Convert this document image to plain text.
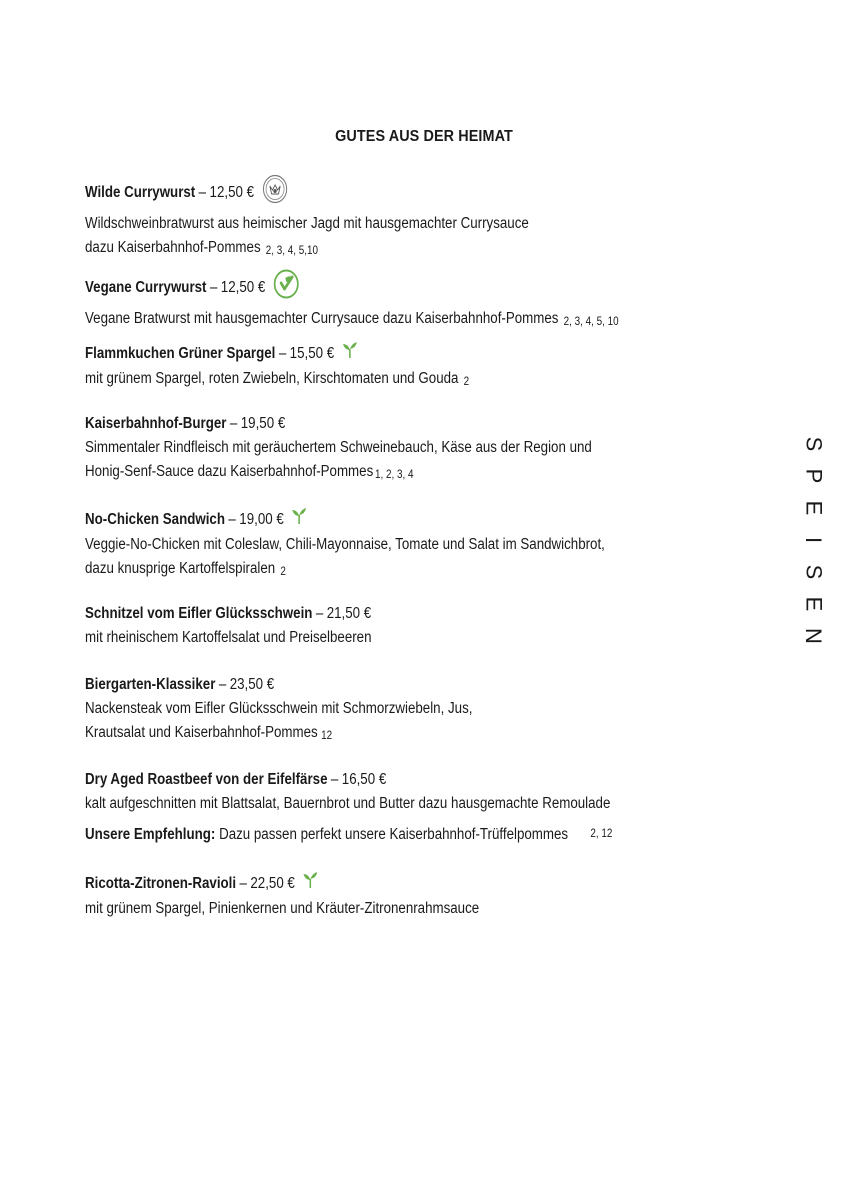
GUTES AUS DER HEIMAT
Wilde Currywurst – 12,50 €
Wildschweinbratwurst aus heimischer Jagd mit hausgemachter Currysauce
dazu Kaiserbahnhof-Pommes 2, 3, 4, 5,10
Vegane Currywurst – 12,50 €
Vegane Bratwurst mit hausgemachter Currysauce dazu Kaiserbahnhof-Pommes 2, 3, 4, 5, 10
Flammkuchen Grüner Spargel – 15,50 €
mit grünem Spargel, roten Zwiebeln, Kirschtomaten und Gouda 2
Kaiserbahnhof-Burger – 19,50 €
Simmentaler Rindfleisch mit geräuchertem Schweinebauch, Käse aus der Region und
Honig-Senf-Sauce dazu Kaiserbahnhof-Pommes 1, 2, 3, 4
No-Chicken Sandwich – 19,00 €
Veggie-No-Chicken mit Coleslaw, Chili-Mayonnaise, Tomate und Salat im Sandwichbrot,
dazu knusprige Kartoffelspiralen 2
Schnitzel vom Eifler Glücksschwein – 21,50 €
mit rheinischem Kartoffelsalat und Preiselbeeren
Biergarten-Klassiker – 23,50 €
Nackensteak vom Eifler Glücksschwein mit Schmorzwiebeln, Jus,
Krautsalat und Kaiserbahnhof-Pommes 12
Dry Aged Roastbeef von der Eifelfärse – 16,50 €
kalt aufgeschnitten mit Blattsalat, Bauernbrot und Butter dazu hausgemachte Remoulade
Unsere Empfehlung: Dazu passen perfekt unsere Kaiserbahnhof-Trüffelpommes 2, 12
Ricotta-Zitronen-Ravioli – 22,50 €
mit grünem Spargel, Pinienkernen und Kräuter-Zitronenrahmsauce
S
P
E
I
S
E
N
